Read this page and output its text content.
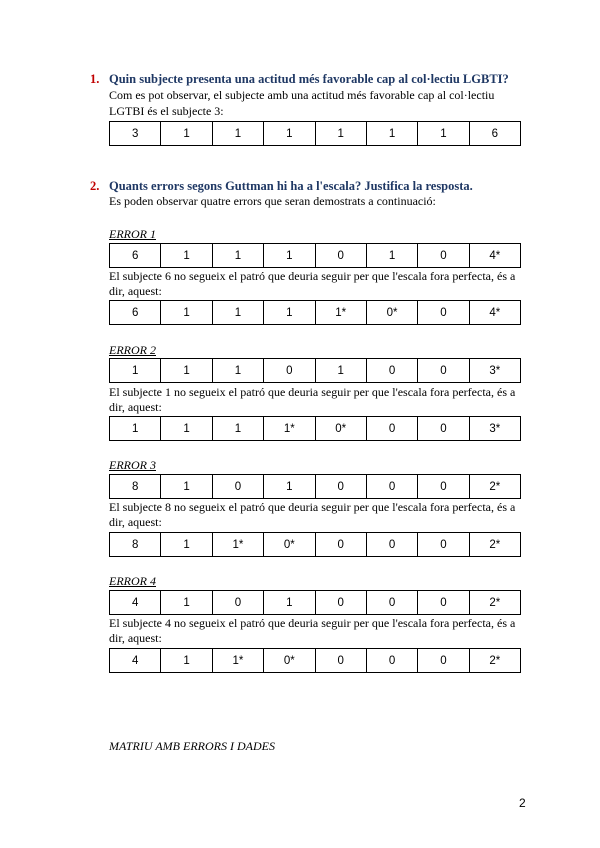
1. Quin subjecte presenta una actitud més favorable cap al col·lectiu LGBTI?
Com es pot observar, el subjecte amb una actitud més favorable cap al col·lectiu
LGTBI és el subjecte 3:
3	1	1	1	1	1	1	6
2. Quants errors segons Guttman hi ha a l'escala? Justifica la resposta.
Es poden observar quatre errors que seran demostrats a continuació:
ERROR 1
6	1	1	1	0	1	0	4*
El subjecte 6 no segueix el patró que deuria seguir per que l'escala fora perfecta, és a dir, aquest:
6	1	1	1	1*	0*	0	4*
ERROR 2
1	1	1	0	1	0	0	3*
El subjecte 1 no segueix el patró que deuria seguir per que l'escala fora perfecta, és a dir, aquest:
1	1	1	1*	0*	0	0	3*
ERROR 3
8	1	0	1	0	0	0	2*
El subjecte 8 no segueix el patró que deuria seguir per que l'escala fora perfecta, és a dir, aquest:
8	1	1*	0*	0	0	0	2*
ERROR 4
4	1	0	1	0	0	0	2*
El subjecte 4 no segueix el patró que deuria seguir per que l'escala fora perfecta, és a dir, aquest:
4	1	1*	0*	0	0	0	2*
MATRIU AMB ERRORS I DADES
2
